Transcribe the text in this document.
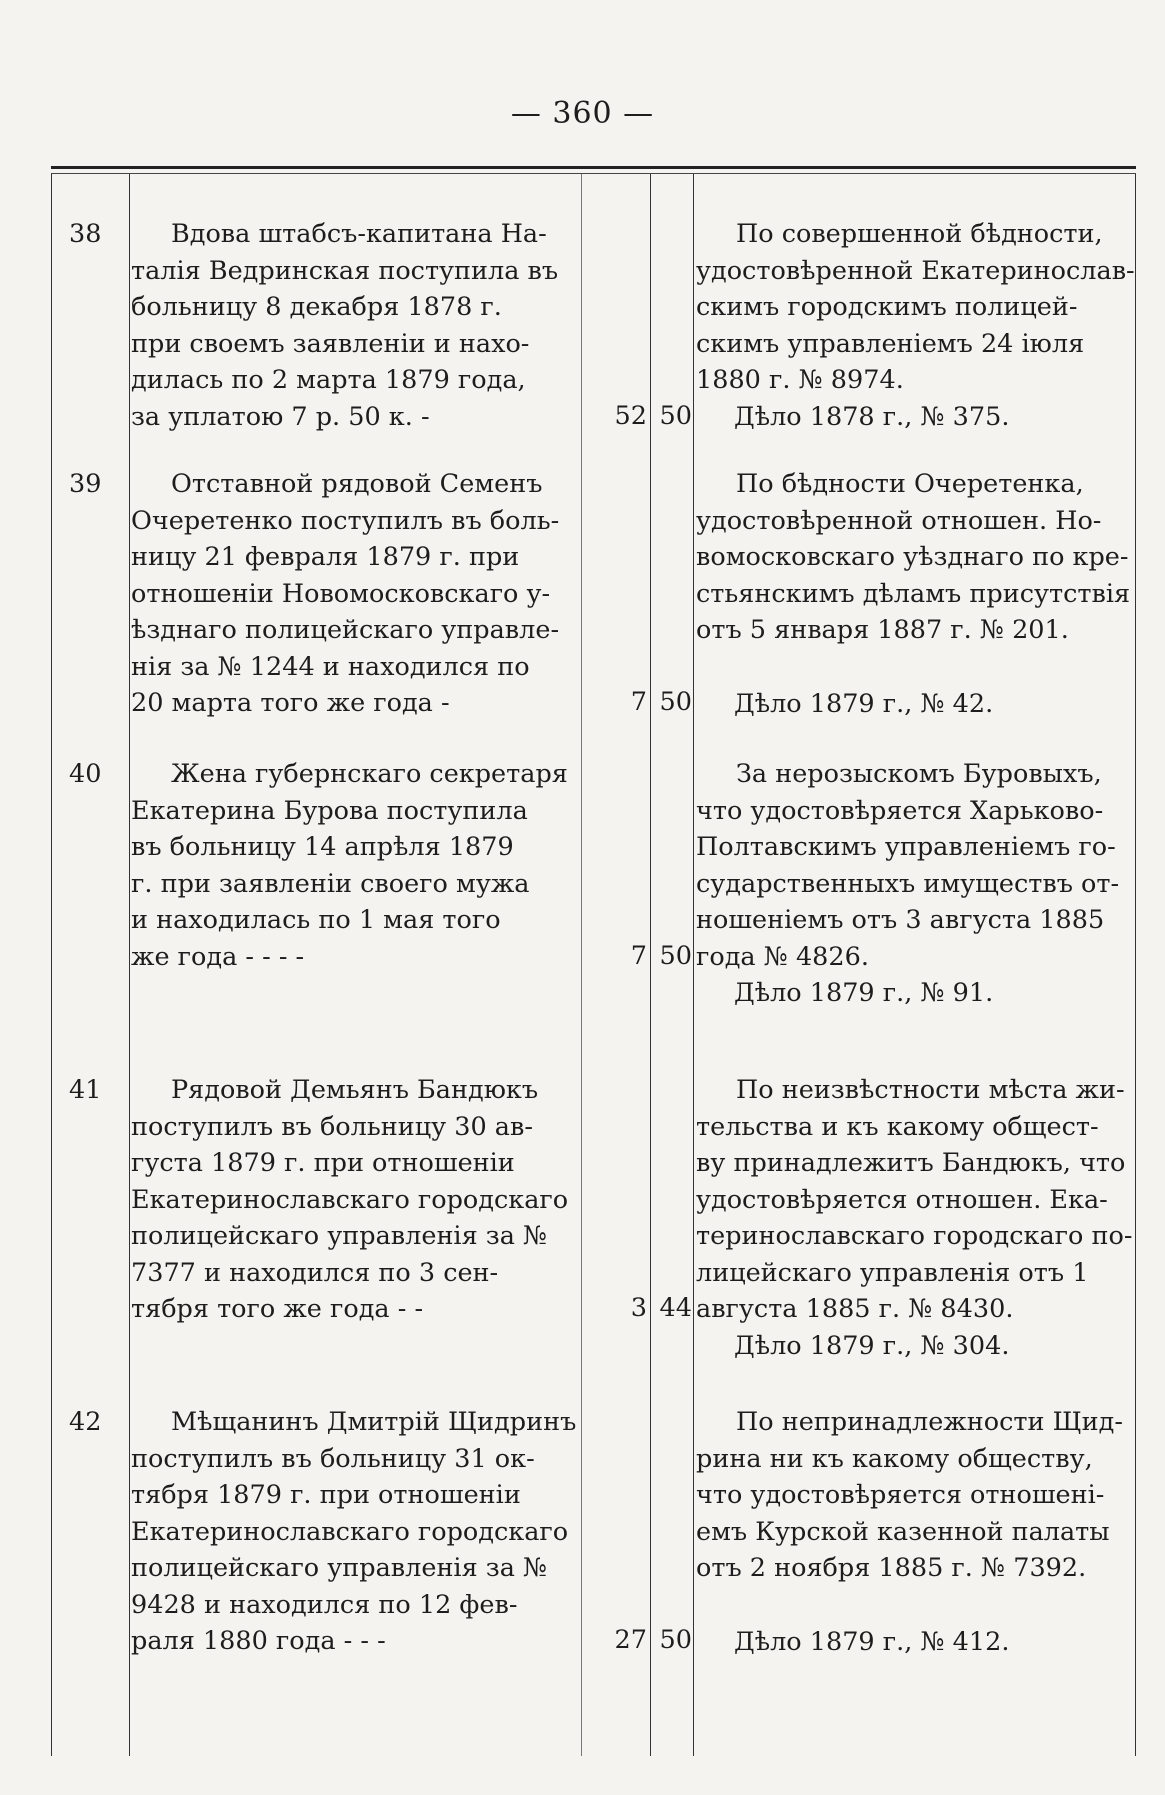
— 360 —
38	Вдова штабсъ-капитана На-

талія Ведринская поступила въ

больницу 8 декабря 1878 г.

при своемъ заявленіи и нахо-

дилась по 2 марта 1879 года,

за уплатою 7 р. 50 к. -	52 50

По совершенной бѣдности,

удостовѣренной Екатеринослав-

скимъ городскимъ полицей-

скимъ управленіемъ 24 іюля

1880 г. № 8974.

Дѣло 1878 г., № 375.

39	Отставной рядовой Семенъ

Очеретенко поступилъ въ боль-

ницу 21 февраля 1879 г. при

отношеніи Новомосковскаго у-

ѣзднаго полицейскаго управле-

нія за № 1244 и находился по

20 марта того же года -	7 50

По бѣдности Очеретенка,

удостовѣренной отношен. Но-

вомосковскаго уѣзднаго по кре-

стьянскимъ дѣламъ присутствія

отъ 5 января 1887 г. № 201.

Дѣло 1879 г., № 42.

40	Жена губернскаго секретаря

Екатерина Бурова поступила

въ больницу 14 апрѣля 1879

г. при заявленіи своего мужа

и находилась по 1 мая того

же года - - - -	7 50

За нерозыскомъ Буровыхъ,

что удостовѣряется Харьково-

Полтавскимъ управленіемъ го-

сударственныхъ имуществъ от-

ношеніемъ отъ 3 августа 1885

года № 4826.

Дѣло 1879 г., № 91.

41	Рядовой Демьянъ Бандюкъ

поступилъ въ больницу 30 ав-

густа 1879 г. при отношеніи

Екатеринославскаго городскаго

полицейскаго управленія за №

7377 и находился по 3 сен-

тября того же года - -	3 44

По неизвѣстности мѣста жи-

тельства и къ какому общест-

ву принадлежитъ Бандюкъ, что

удостовѣряется отношен. Ека-

теринославскаго городскаго по-

лицейскаго управленія отъ 1

августа 1885 г. № 8430.

Дѣло 1879 г., № 304.

42	Мѣщанинъ Дмитрій Щидринъ

поступилъ въ больницу 31 ок-

тября 1879 г. при отношеніи

Екатеринославскаго городскаго

полицейскаго управленія за №

9428 и находился по 12 фев-

раля 1880 года - - -	27 50

По непринадлежности Щид-

рина ни къ какому обществу,

что удостовѣряется отношені-

емъ Курской казенной палаты

отъ 2 ноября 1885 г. № 7392.

Дѣло 1879 г., № 412.
